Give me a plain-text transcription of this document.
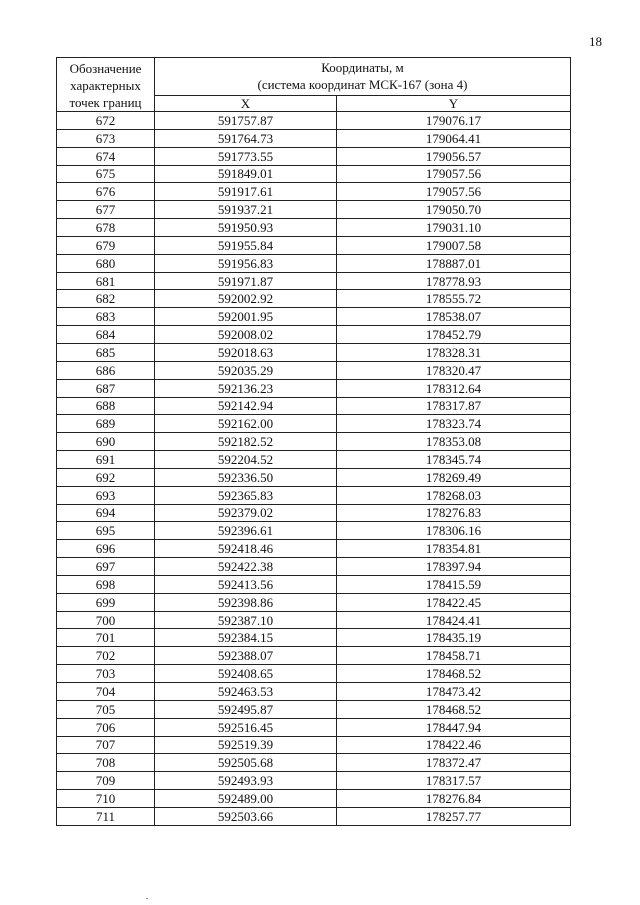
18
Обозначение характерных точек границ	Координаты, м
(система координат МСК-167 (зона 4)	
	X	Y
672	591757.87	179076.17
673	591764.73	179064.41
674	591773.55	179056.57
675	591849.01	179057.56
676	591917.61	179057.56
677	591937.21	179050.70
678	591950.93	179031.10
679	591955.84	179007.58
680	591956.83	178887.01
681	591971.87	178778.93
682	592002.92	178555.72
683	592001.95	178538.07
684	592008.02	178452.79
685	592018.63	178328.31
686	592035.29	178320.47
687	592136.23	178312.64
688	592142.94	178317.87
689	592162.00	178323.74
690	592182.52	178353.08
691	592204.52	178345.74
692	592336.50	178269.49
693	592365.83	178268.03
694	592379.02	178276.83
695	592396.61	178306.16
696	592418.46	178354.81
697	592422.38	178397.94
698	592413.56	178415.59
699	592398.86	178422.45
700	592387.10	178424.41
701	592384.15	178435.19
702	592388.07	178458.71
703	592408.65	178468.52
704	592463.53	178473.42
705	592495.87	178468.52
706	592516.45	178447.94
707	592519.39	178422.46
708	592505.68	178372.47
709	592493.93	178317.57
710	592489.00	178276.84
711	592503.66	178257.77
